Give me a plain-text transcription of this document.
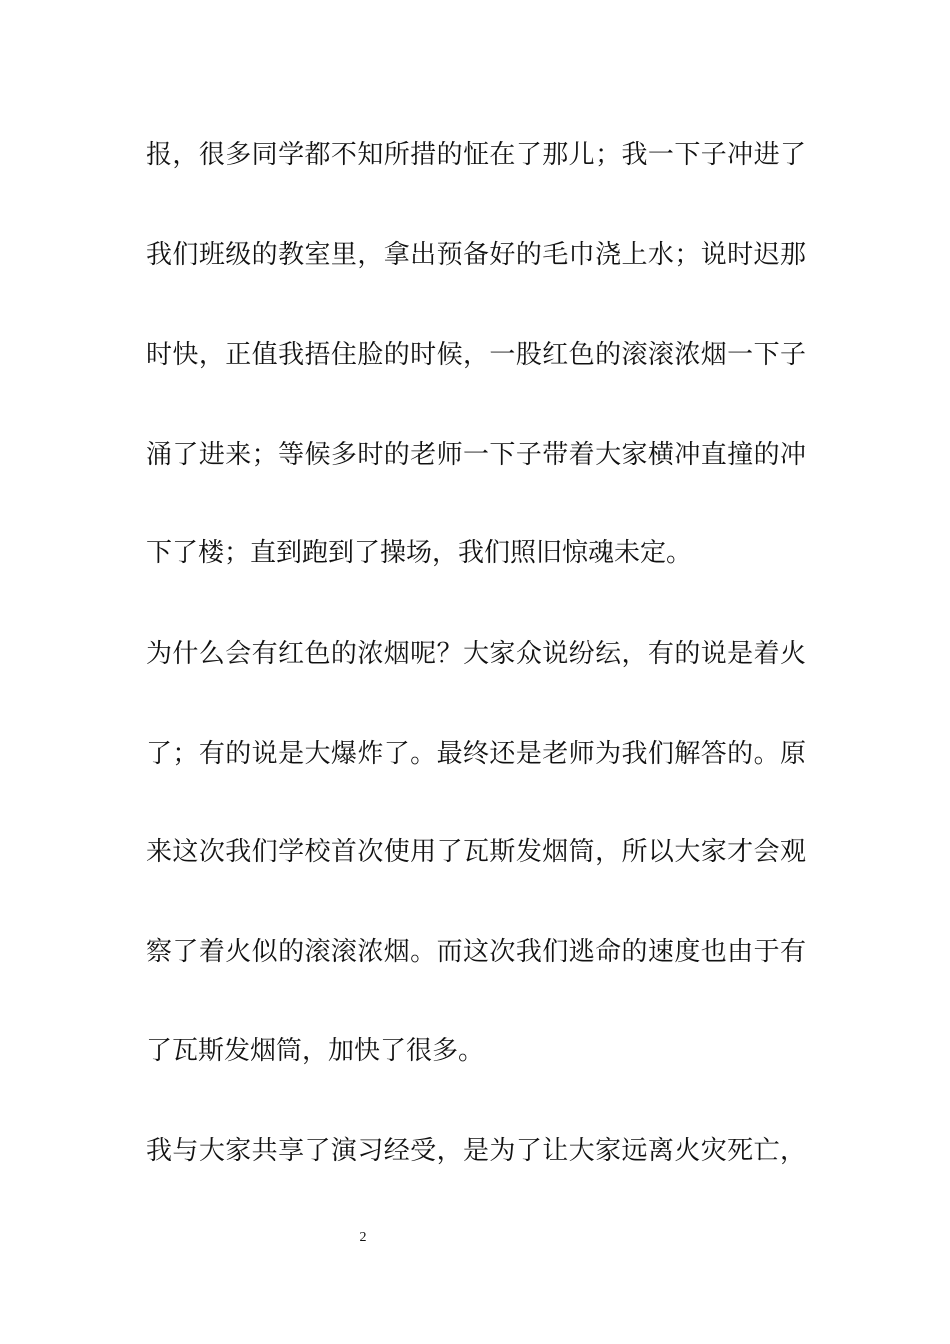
报，很多同学都不知所措的怔在了那儿；我一下子冲进了
我们班级的教室里，拿出预备好的毛巾浇上水；说时迟那
时快，正值我捂住脸的时候，一股红色的滚滚浓烟一下子
涌了进来；等候多时的老师一下子带着大家横冲直撞的冲
下了楼；直到跑到了操场，我们照旧惊魂未定。
为什么会有红色的浓烟呢？大家众说纷纭，有的说是着火
了；有的说是大爆炸了。最终还是老师为我们解答的。原
来这次我们学校首次使用了瓦斯发烟筒，所以大家才会观
察了着火似的滚滚浓烟。而这次我们逃命的速度也由于有
了瓦斯发烟筒，加快了很多。
我与大家共享了演习经受，是为了让大家远离火灾死亡，
2
